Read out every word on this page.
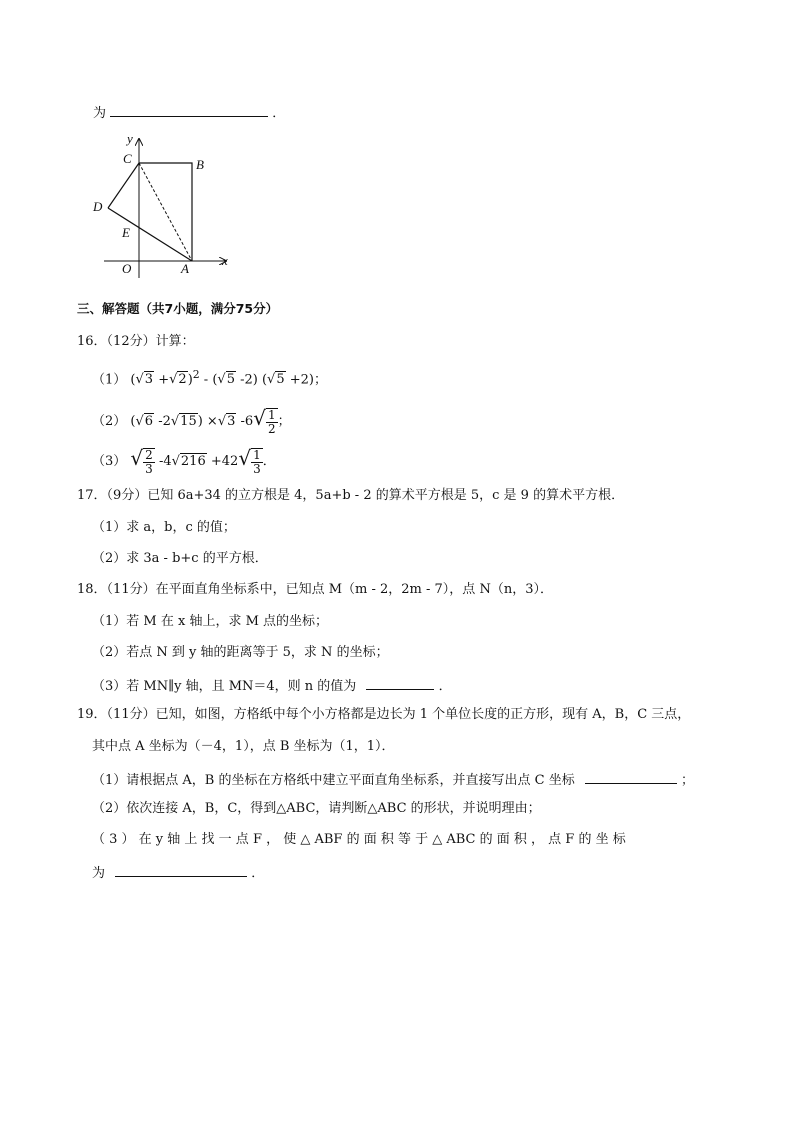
为	．
y
C	B
D
E
O	A
x
三、解答题（共7小题，满分75分）
16．（12分）计算：
（1） $(√3 +√2)^2 - (√5$ -2) (√5 +2)；
（2） (√6 -2√15) ×√3 $-6√ \frac{1}{2}$ ；
（3） √ $\frac{2}{3} -4√216 +42√ \frac{1}{3}$ ．
17．（9分）已知 6a+34 的立方根是 4，5a+b - 2 的算术平方根是 5，c 是 9 的算术平方根．
（1）求 a，b，c 的值；
（2）求 3a - b+c 的平方根．
18．（11分）在平面直角坐标系中，已知点 M（m - 2，2m - 7），点 N（n，3）．
（1）若 M 在 x 轴上，求 M 点的坐标；
（2）若点 N 到 y 轴的距离等于 5，求 N 的坐标；
（3）若 MN∥y 轴，且 MN＝4，则 n 的值为	．
19．（11分）已知，如图，方格纸中每个小方格都是边长为 1 个单位长度的正方形，现有 A，B，C 三点，
其中点 A 坐标为（－4，1），点 B 坐标为（1，1）．
（1）请根据点 A，B 的坐标在方格纸中建立平面直角坐标系，并直接写出点 C 坐标	；
（2）依次连接 A，B，C，得到△ABC，请判断△ABC 的形状，并说明理由；
（ 3 ） 在 y 轴 上 找 一 点 F ， 使 △ ABF 的 面 积 等 于 △ ABC 的 面 积 ， 点 F 的 坐 标
为	．
